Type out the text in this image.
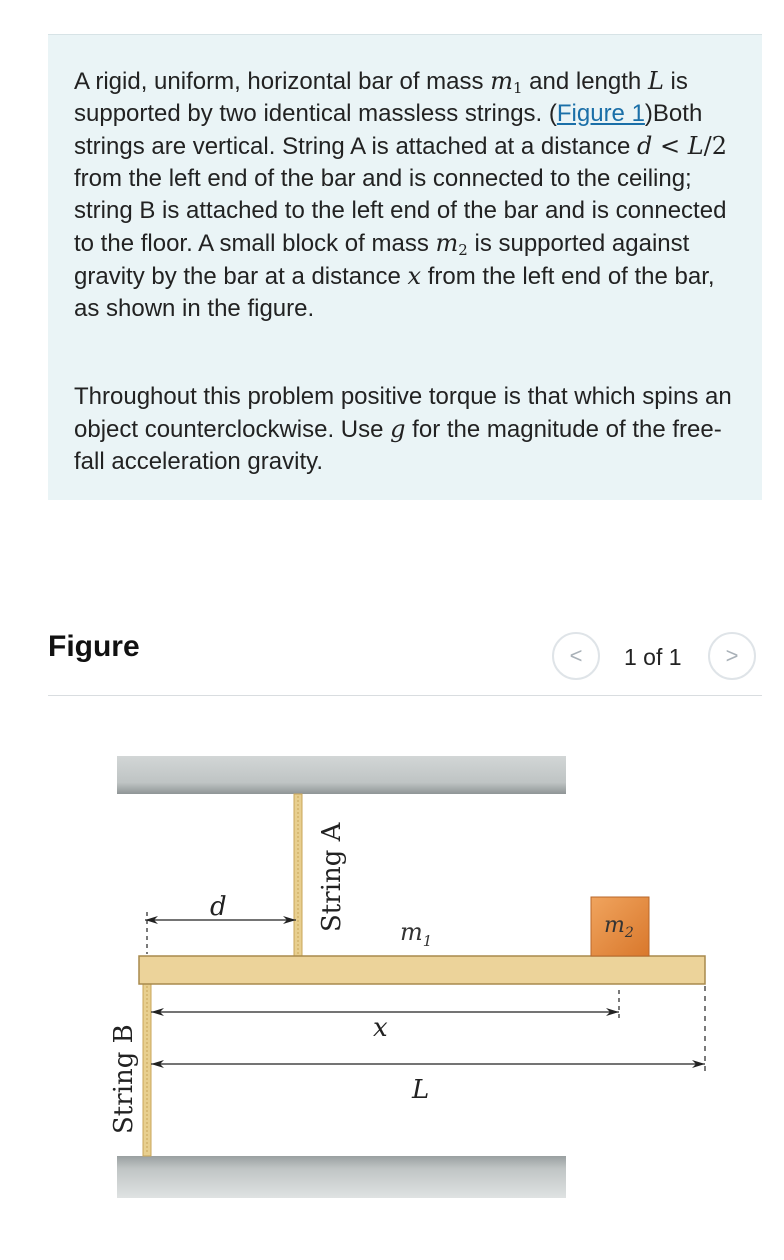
A rigid, uniform, horizontal bar of mass $m_1$ and length L is supported by two identical massless strings. (Figure 1)Both strings are vertical. String A is attached at a distance d < L/2 from the left end of the bar and is connected to the ceiling; string B is attached to the left end of the bar and is connected to the floor. A small block of mass $m_2$ is supported against gravity by the bar at a distance x from the left end of the bar, as shown in the figure.

Throughout this problem positive torque is that which spins an object counterclockwise. Use g for the magnitude of the free-fall acceleration gravity.

Figure	< 1 of 1 >
$m_2$
d	String A $m_1$
x
L
String B
